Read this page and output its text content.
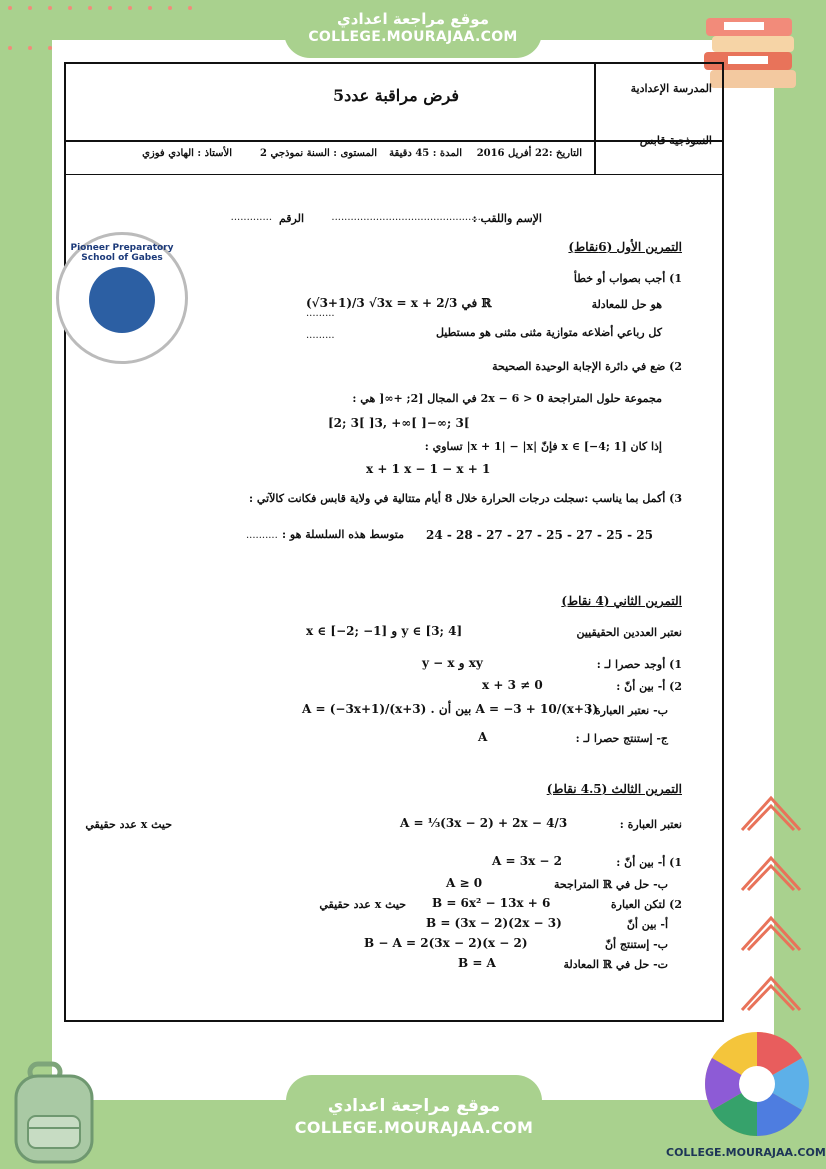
موقع مراجعة اعدادي
COLLEGE.MOURAJAA.COM
المدرسة الإعدادية
النموذجية قابس
فرض مراقبة عدد5
التاريخ :22 أفريل 2016
المدة : 45 دقيقة
المستوى : السنة نموذجي 2
الأستاذ : الهادي فوزي
الإسم واللقب :
................................................
الرقم
.............
التمرين الأول (6نقاط)
1) أجب بصواب أو خطأ
هو حل للمعادلة
(√3+1)/3 √3x = x + 2/3 في ℝ
.........
كل رباعي أضلاعه متوازية مثنى مثنى هو مستطيل
.........
2) ضع في دائرة الإجابة الوحيدة الصحيحة
مجموعة حلول المتراجحة 2x − 6 > 0 في المجال [2; +∞[ هي :
[2; 3[ ]3, +∞[ ]−∞; 3[
إذا كان x ∈ [−4; 1] فإنّ |x + 1| − |x| تساوي :
x + 1 x − 1 − x + 1
3) أكمل بما يناسب :سجلت درجات الحرارة خلال 8 أيام متتالية في ولاية قابس فكانت كالآتي :
24 - 28 - 27 - 27 - 25 - 27 - 25 - 25
متوسط هذه السلسلة هو :
..........
التمرين الثاني (4 نقاط)
نعتبر العددين الحقيقيين
x ∈ [−2; −1] و y ∈ [3; 4]
1) أوجد حصرا لـ :
y − x و xy
2) أ- بين أنّ :
x + 3 ≠ 0
ب- نعتبر العبارة :
A = (−3x+1)/(x+3) . بين أن A = −3 + 10/(x+3)
ج- إستنتج حصرا لـ :
A
التمرين الثالث (4.5 نقاط)
نعتبر العبارة :
A = ⅓(3x − 2) + 2x − 4/3
حيث x عدد حقيقي
1) أ- بين أنّ :
A = 3x − 2
ب- حل في ℝ المتراجحة
A ≥ 0
2) لتكن العبارة
B = 6x² − 13x + 6
حيث x عدد حقيقي
أ- بين أنّ
B = (3x − 2)(2x − 3)
ب- إستنتج أنّ
B − A = 2(3x − 2)(x − 2)
ت- حل في ℝ المعادلة
B = A
Pioneer Preparatory School of Gabes
موقع مراجعة اعدادي
COLLEGE.MOURAJAA.COM
COLLEGE.MOURAJAA.COM
